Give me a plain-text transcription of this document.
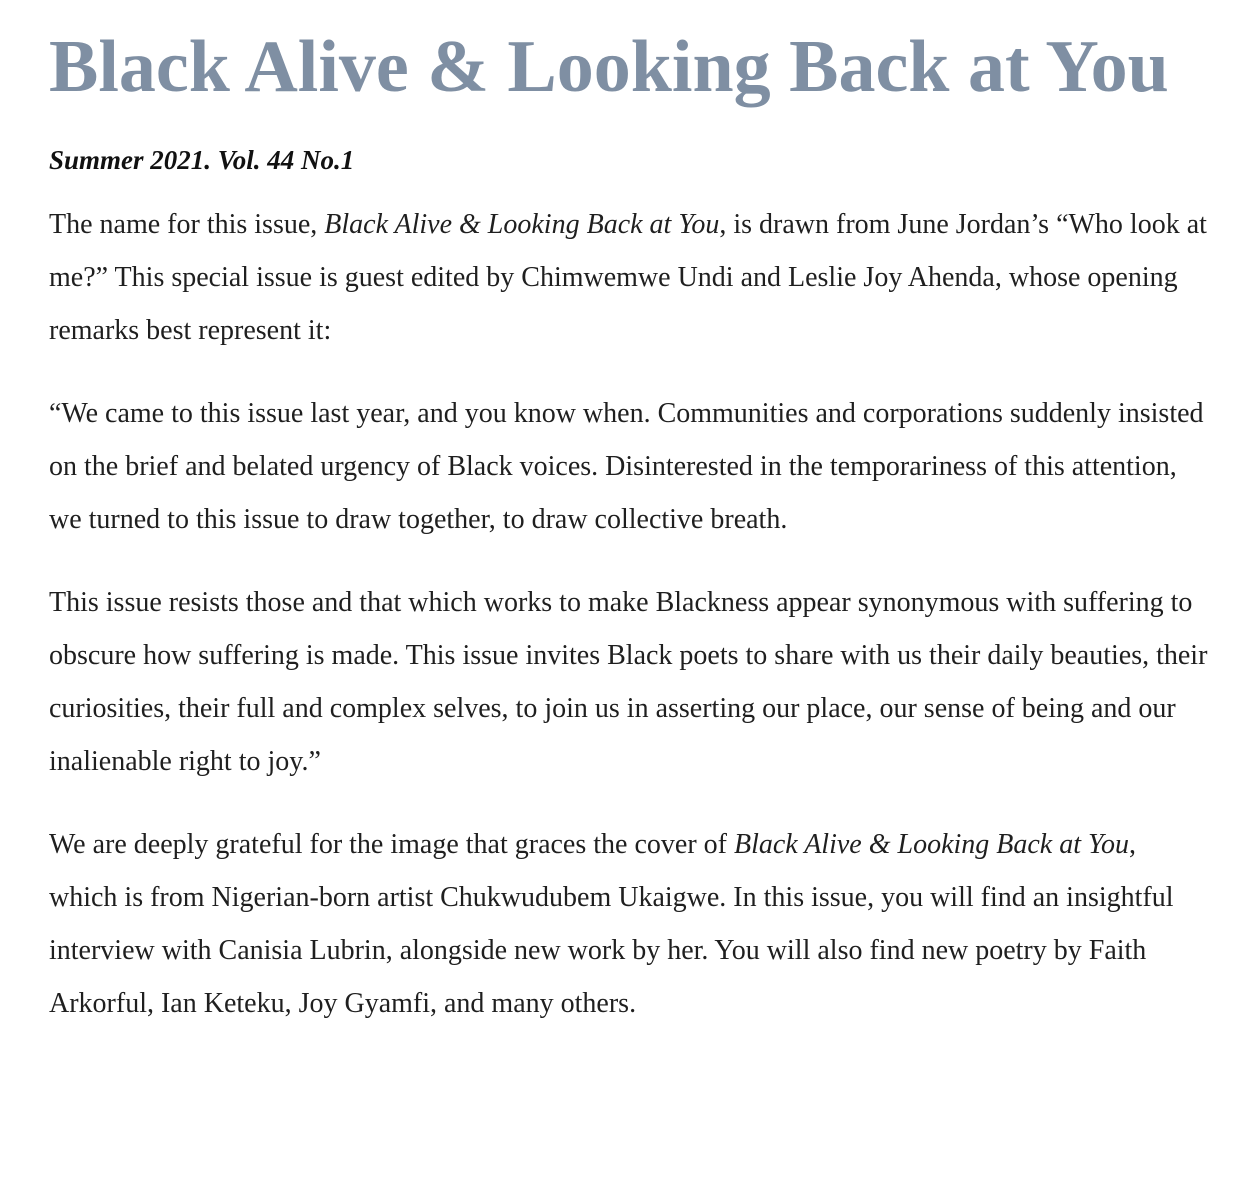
Black Alive & Looking Back at You

Summer 2021. Vol. 44 No.1

The name for this issue, Black Alive & Looking Back at You, is drawn from June Jordan’s “Who look at me?” This special issue is guest edited by Chimwemwe Undi and Leslie Joy Ahenda, whose opening remarks best represent it:

“We came to this issue last year, and you know when. Communities and corporations suddenly insisted on the brief and belated urgency of Black voices. Disinterested in the temporariness of this attention, we turned to this issue to draw together, to draw collective breath.

This issue resists those and that which works to make Blackness appear synonymous with suffering to obscure how suffering is made. This issue invites Black poets to share with us their daily beauties, their curiosities, their full and complex selves, to join us in asserting our place, our sense of being and our inalienable right to joy.”

We are deeply grateful for the image that graces the cover of Black Alive & Looking Back at You, which is from Nigerian-born artist Chukwudubem Ukaigwe. In this issue, you will find an insightful interview with Canisia Lubrin, alongside new work by her. You will also find new poetry by Faith Arkorful, Ian Keteku, Joy Gyamfi, and many others.
